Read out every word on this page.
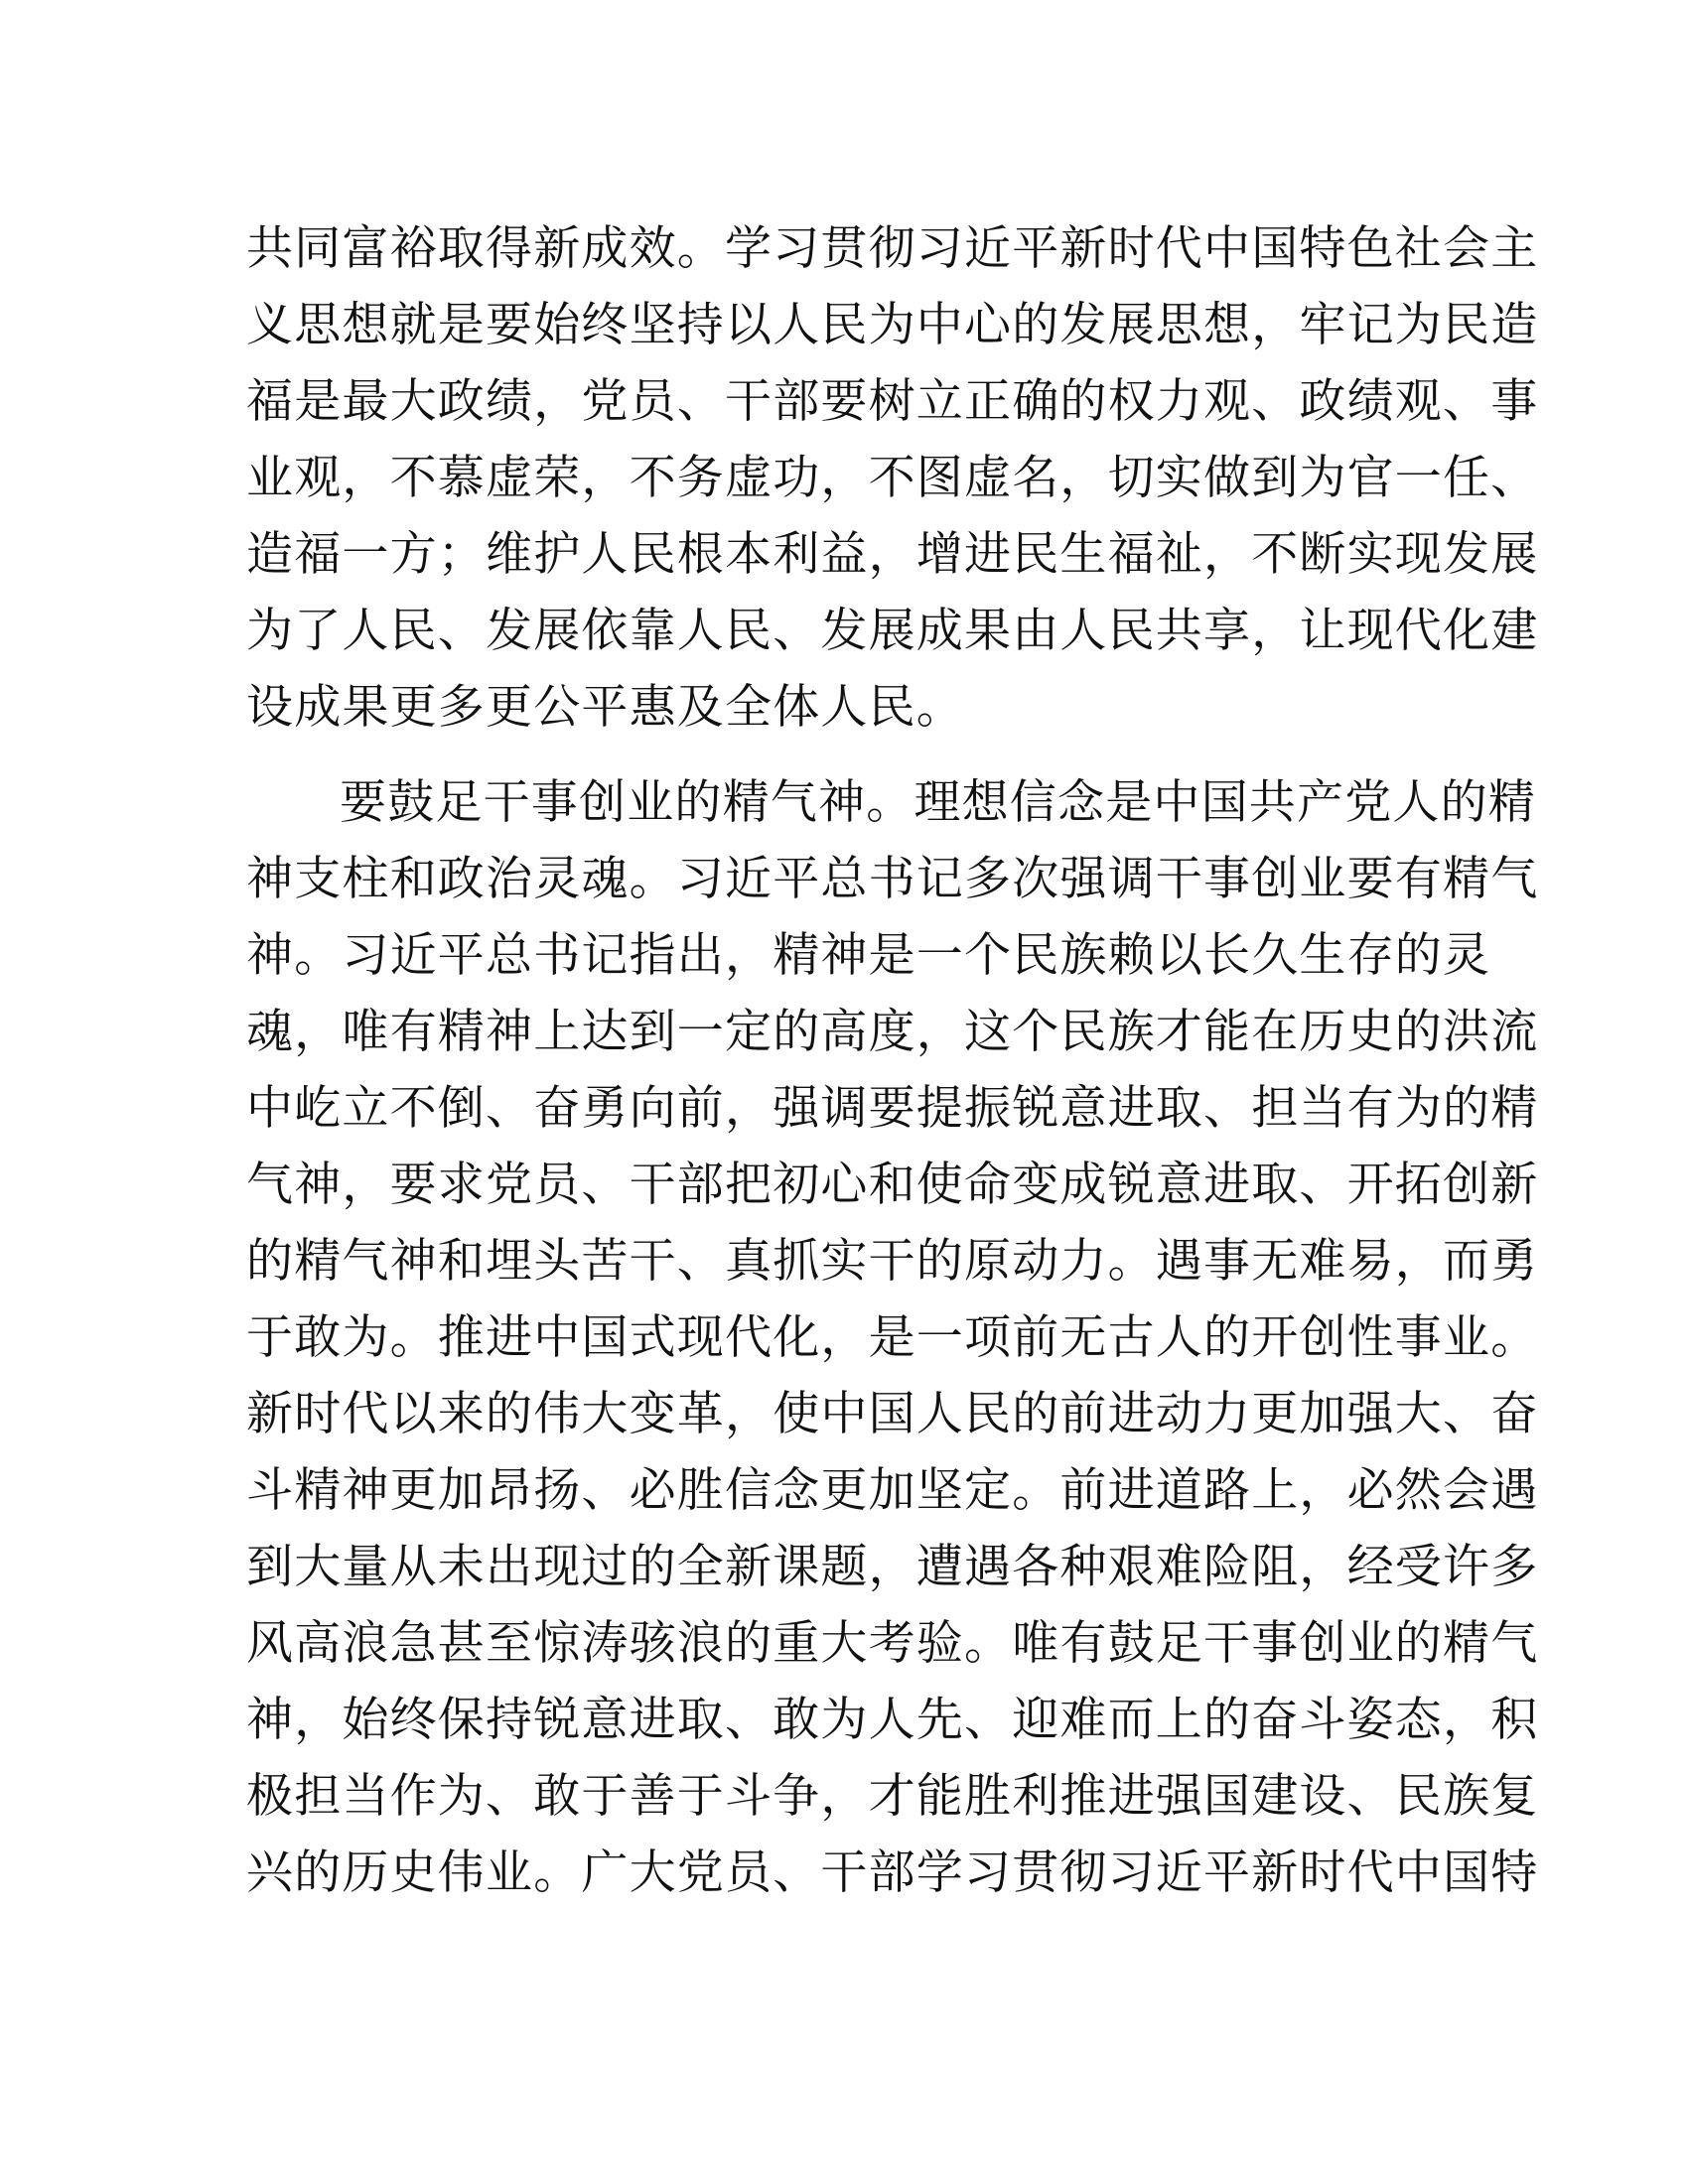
共同富裕取得新成效。学习贯彻习近平新时代中国特色社会主
义思想就是要始终坚持以人民为中心的发展思想，牢记为民造
福是最大政绩，党员、干部要树立正确的权力观、政绩观、事
业观，不慕虚荣，不务虚功，不图虚名，切实做到为官一任、
造福一方；维护人民根本利益，增进民生福祉，不断实现发展
为了人民、发展依靠人民、发展成果由人民共享，让现代化建
设成果更多更公平惠及全体人民。
要鼓足干事创业的精气神。理想信念是中国共产党人的精
神支柱和政治灵魂。习近平总书记多次强调干事创业要有精气
神。习近平总书记指出，精神是一个民族赖以长久生存的灵
魂，唯有精神上达到一定的高度，这个民族才能在历史的洪流
中屹立不倒、奋勇向前，强调要提振锐意进取、担当有为的精
气神，要求党员、干部把初心和使命变成锐意进取、开拓创新
的精气神和埋头苦干、真抓实干的原动力。遇事无难易，而勇
于敢为。推进中国式现代化，是一项前无古人的开创性事业。
新时代以来的伟大变革，使中国人民的前进动力更加强大、奋
斗精神更加昂扬、必胜信念更加坚定。前进道路上，必然会遇
到大量从未出现过的全新课题，遭遇各种艰难险阻，经受许多
风高浪急甚至惊涛骇浪的重大考验。唯有鼓足干事创业的精气
神，始终保持锐意进取、敢为人先、迎难而上的奋斗姿态，积
极担当作为、敢于善于斗争，才能胜利推进强国建设、民族复
兴的历史伟业。广大党员、干部学习贯彻习近平新时代中国特
